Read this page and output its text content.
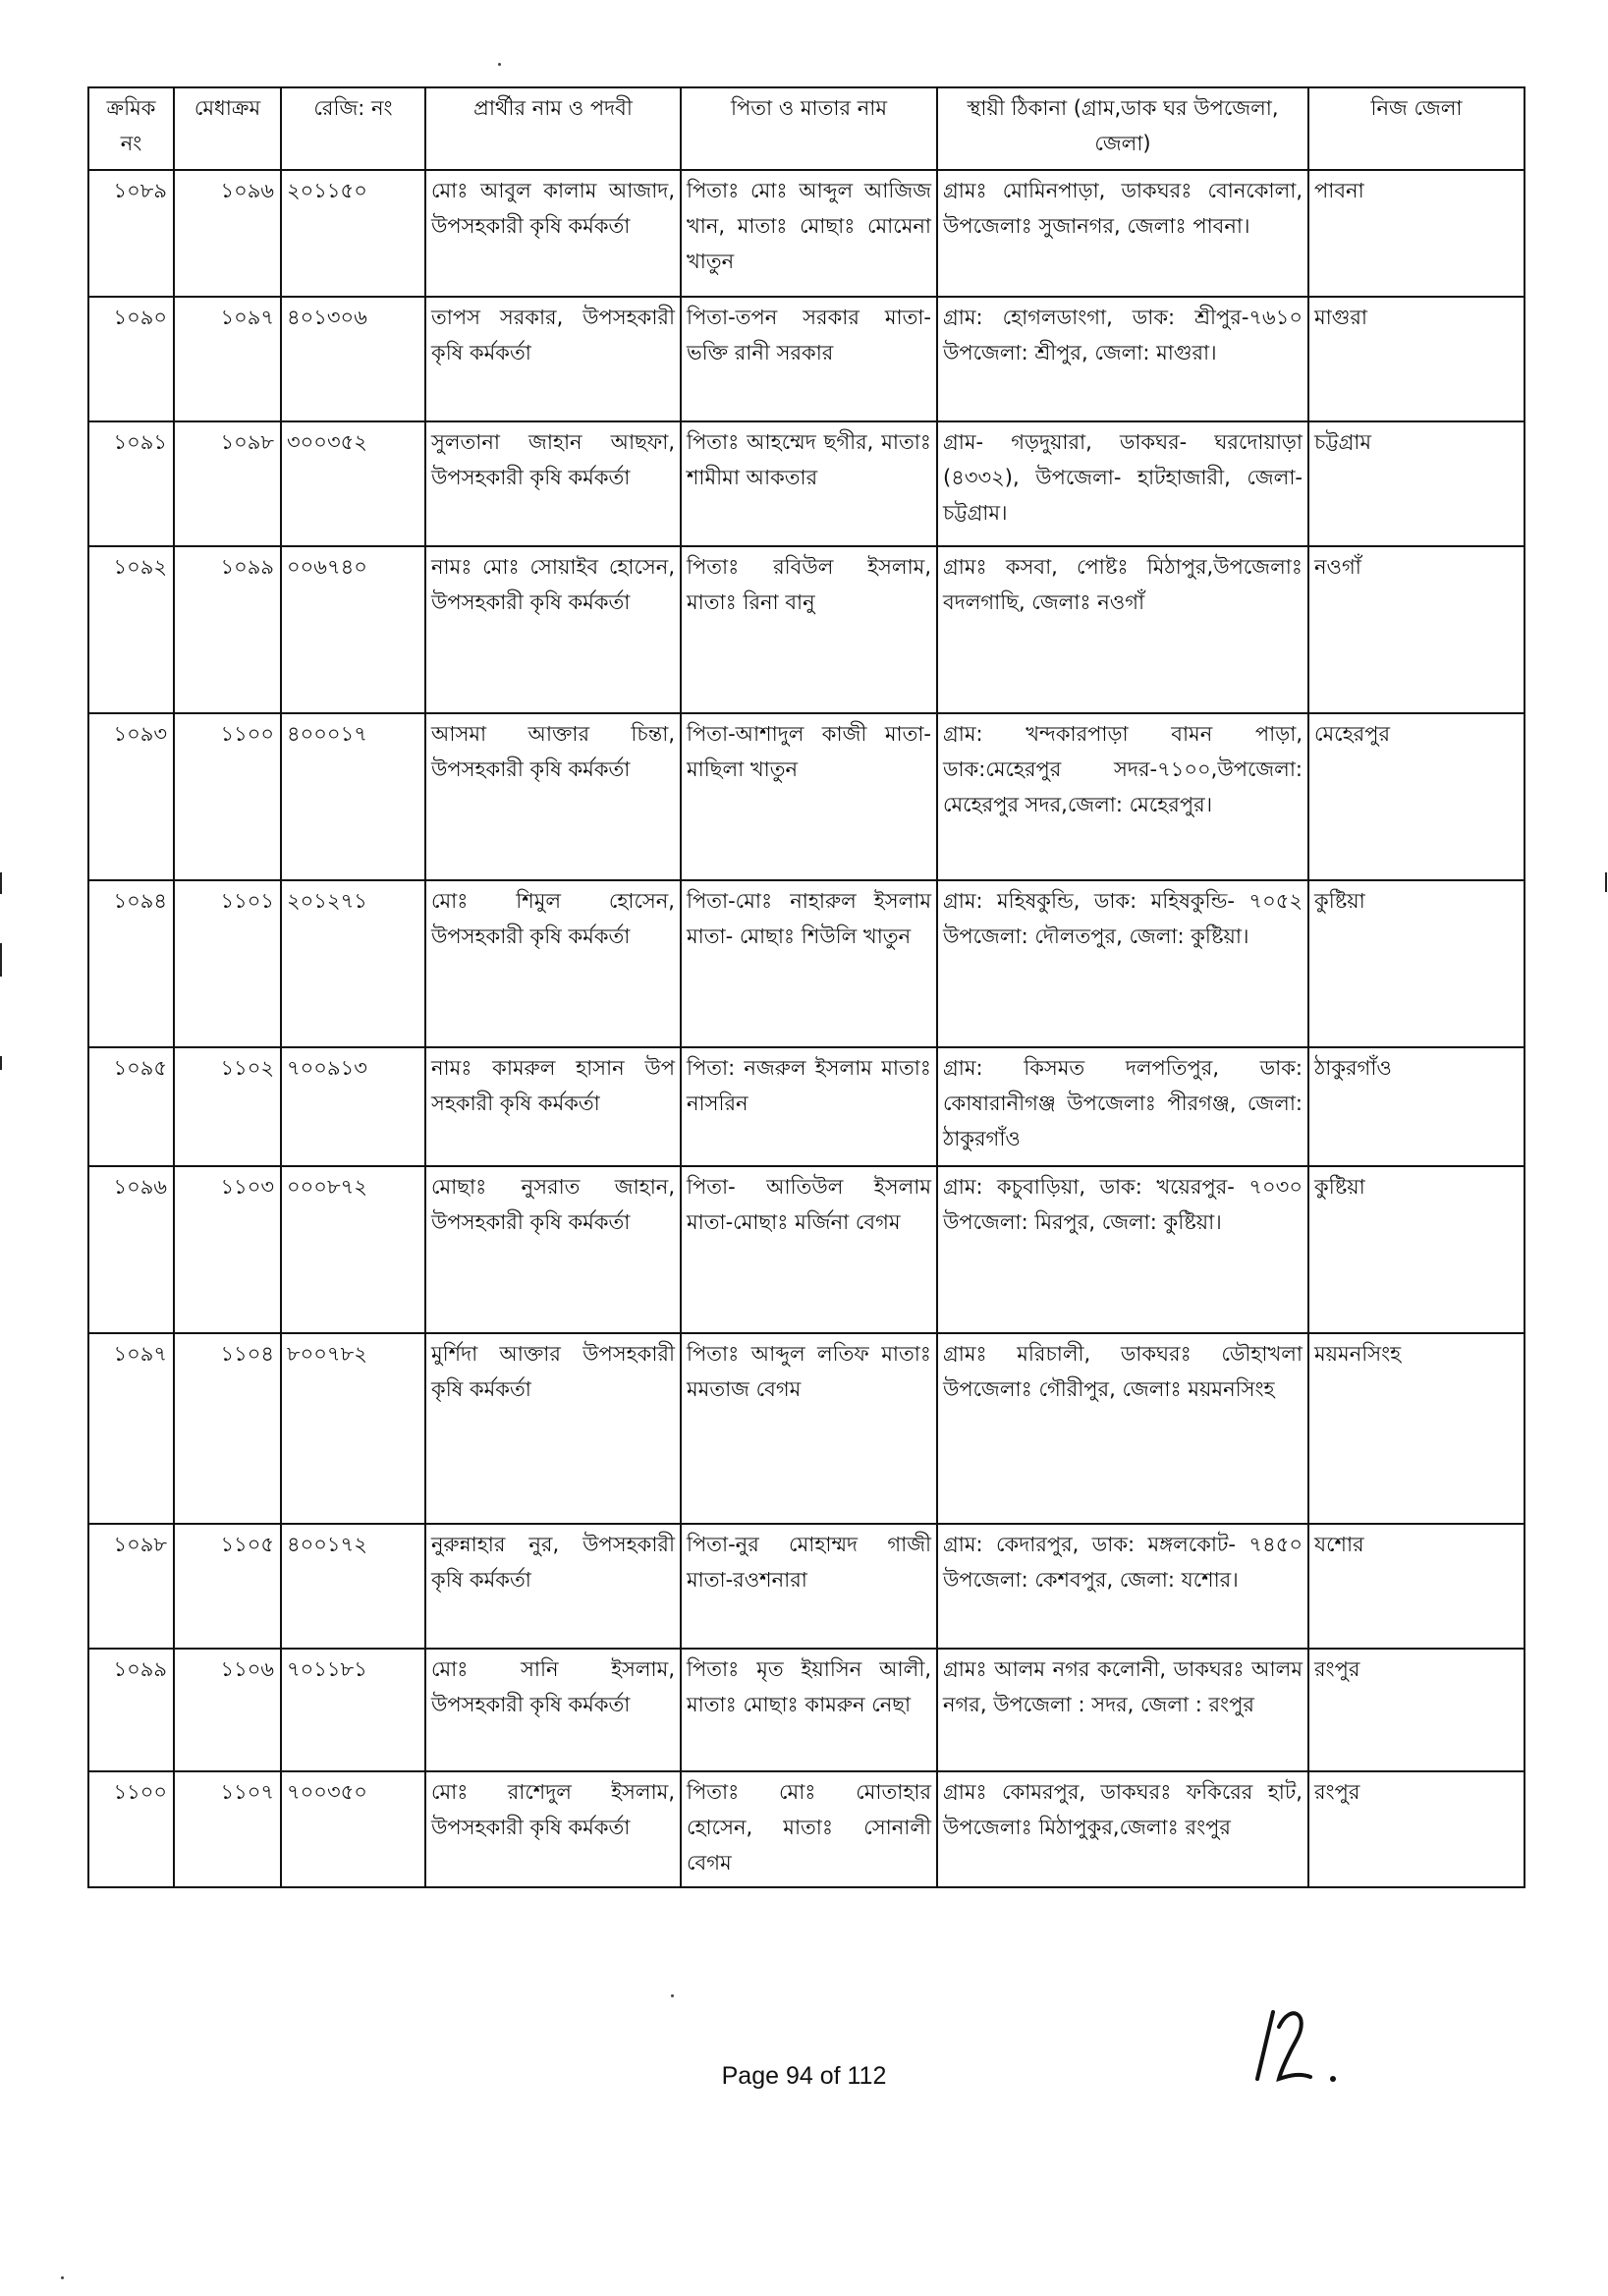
ক্রমিক নং	মেধাক্রম	রেজি: নং	প্রার্থীর নাম ও পদবী	পিতা ও মাতার নাম	স্থায়ী ঠিকানা (গ্রাম,ডাক ঘর উপজেলা, জেলা)	নিজ জেলা
১০৮৯	১০৯৬	২০১১৫০	মোঃ আবুল কালাম আজাদ, উপসহকারী কৃষি কর্মকর্তা	পিতাঃ মোঃ আব্দুল আজিজ খান, মাতাঃ মোছাঃ মোমেনা খাতুন	গ্রামঃ মোমিনপাড়া, ডাকঘরঃ বোনকোলা, উপজেলাঃ সুজানগর, জেলাঃ পাবনা।	পাবনা
১০৯০	১০৯৭	৪০১৩০৬	তাপস সরকার, উপসহকারী কৃষি কর্মকর্তা	পিতা-তপন সরকার মাতা- ভক্তি রানী সরকার	গ্রাম: হোগলডাংগা, ডাক: শ্রীপুর-৭৬১০ উপজেলা: শ্রীপুর, জেলা: মাগুরা।	মাগুরা
১০৯১	১০৯৮	৩০০৩৫২	সুলতানা জাহান আছফা, উপসহকারী কৃষি কর্মকর্তা	পিতাঃ আহম্মেদ ছগীর, মাতাঃ শামীমা আকতার	গ্রাম- গড়দুয়ারা, ডাকঘর- ঘরদোয়াড়া (৪৩৩২), উপজেলা- হাটহাজারী, জেলা- চট্টগ্রাম।	চট্টগ্রাম
১০৯২	১০৯৯	০০৬৭৪০	নামঃ মোঃ সোয়াইব হোসেন, উপসহকারী কৃষি কর্মকর্তা	পিতাঃ রবিউল ইসলাম, মাতাঃ রিনা বানু	গ্রামঃ কসবা, পোষ্টঃ মিঠাপুর,উপজেলাঃ বদলগাছি, জেলাঃ নওগাঁ	নওগাঁ
১০৯৩	১১০০	৪০০০১৭	আসমা আক্তার চিন্তা, উপসহকারী কৃষি কর্মকর্তা	পিতা-আশাদুল কাজী মাতা- মাছিলা খাতুন	গ্রাম: খন্দকারপাড়া বামন পাড়া, ডাক:মেহেরপুর সদর-৭১০০,উপজেলা: মেহেরপুর সদর,জেলা: মেহেরপুর।	মেহেরপুর
১০৯৪	১১০১	২০১২৭১	মোঃ শিমুল হোসেন, উপসহকারী কৃষি কর্মকর্তা	পিতা-মোঃ নাহারুল ইসলাম মাতা- মোছাঃ শিউলি খাতুন	গ্রাম: মহিষকুন্ডি, ডাক: মহিষকুন্ডি- ৭০৫২ উপজেলা: দৌলতপুর, জেলা: কুষ্টিয়া।	কুষ্টিয়া
১০৯৫	১১০২	৭০০৯১৩	নামঃ কামরুল হাসান উপ সহকারী কৃষি কর্মকর্তা	পিতা: নজরুল ইসলাম মাতাঃ নাসরিন	গ্রাম: কিসমত দলপতিপুর, ডাক: কোষারানীগঞ্জ উপজেলাঃ পীরগঞ্জ, জেলা: ঠাকুরগাঁও	ঠাকুরগাঁও
১০৯৬	১১০৩	০০০৮৭২	মোছাঃ নুসরাত জাহান, উপসহকারী কৃষি কর্মকর্তা	পিতা- আতিউল ইসলাম মাতা-মোছাঃ মর্জিনা বেগম	গ্রাম: কচুবাড়িয়া, ডাক: খয়েরপুর- ৭০৩০ উপজেলা: মিরপুর, জেলা: কুষ্টিয়া।	কুষ্টিয়া
১০৯৭	১১০৪	৮০০৭৮২	মুর্শিদা আক্তার উপসহকারী কৃষি কর্মকর্তা	পিতাঃ আব্দুল লতিফ মাতাঃ মমতাজ বেগম	গ্রামঃ মরিচালী, ডাকঘরঃ ডৌহাখলা উপজেলাঃ গৌরীপুর, জেলাঃ ময়মনসিংহ	ময়মনসিংহ
১০৯৮	১১০৫	৪০০১৭২	নুরুন্নাহার নুর, উপসহকারী কৃষি কর্মকর্তা	পিতা-নুর মোহাম্মদ গাজী মাতা-রওশনারা	গ্রাম: কেদারপুর, ডাক: মঙ্গলকোট- ৭৪৫০ উপজেলা: কেশবপুর, জেলা: যশোর।	যশোর
১০৯৯	১১০৬	৭০১১৮১	মোঃ সানি ইসলাম, উপসহকারী কৃষি কর্মকর্তা	পিতাঃ মৃত ইয়াসিন আলী, মাতাঃ মোছাঃ কামরুন নেছা	গ্রামঃ আলম নগর কলোনী, ডাকঘরঃ আলম নগর, উপজেলা : সদর, জেলা : রংপুর	রংপুর
১১০০	১১০৭	৭০০৩৫০	মোঃ রাশেদুল ইসলাম, উপসহকারী কৃষি কর্মকর্তা	পিতাঃ মোঃ মোতাহার হোসেন, মাতাঃ সোনালী বেগম	গ্রামঃ কোমরপুর, ডাকঘরঃ ফকিরের হাট, উপজেলাঃ মিঠাপুকুর,জেলাঃ রংপুর	রংপুর
Page 94 of 112
